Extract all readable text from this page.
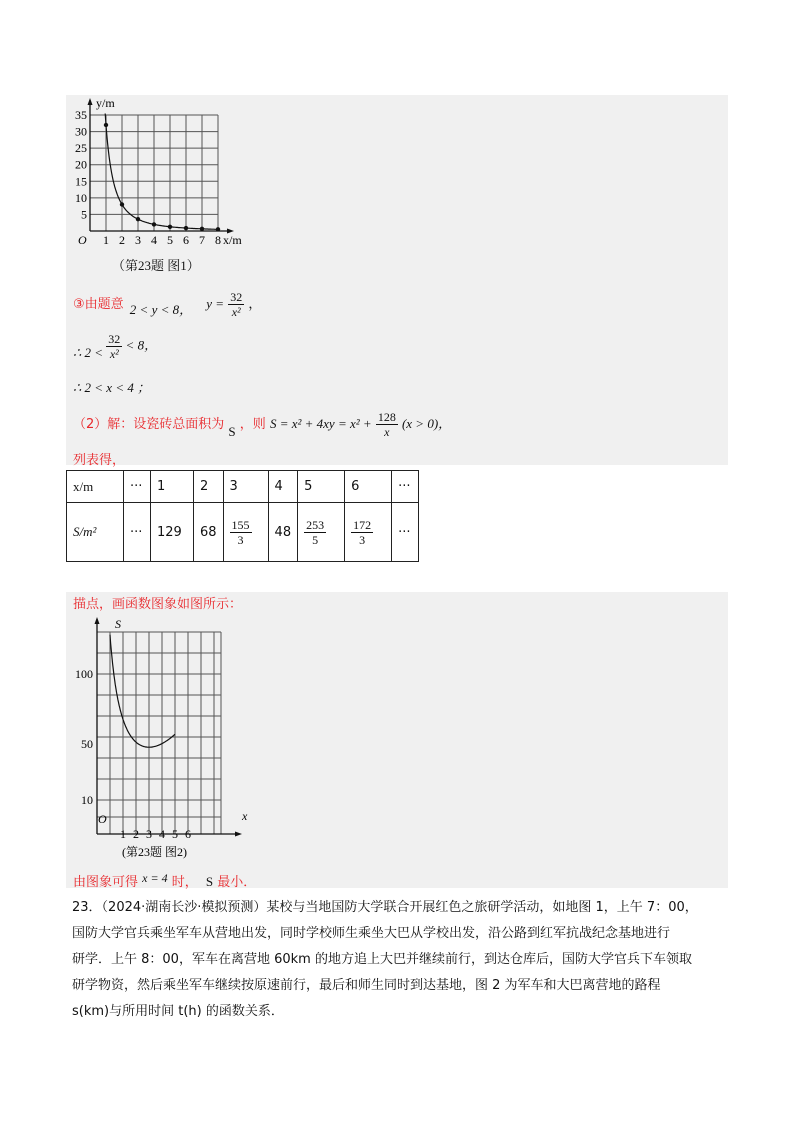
y/m
x/m
O
35
30
25
20
15
10
5
1 2 3 4 5 6 7 8
（第23题 图1）
③由题意 2 < y < 8， $y = \frac{32}{\text{x²}}$ ，
∴ $2 < \frac{32}{\text{x²}} < 8$，
∴ 2 < x < 4 ；
（2）解：设瓷砖总面积为 S ，则 $S = x^2 + 4xy = x^2 + \frac{128}{x} (x > 0)$，
列表得，
x/m	···	1	2	3	4	5	6	···
S/m²	···	129	68	$\frac{155}{3}$	48	$\frac{253}{5}$	$\frac{172}{3}$	···
描点，画函数图象如图所示：
S
x
O
100
50
10
1 2 3 4 5 6
(第23题 图2)
由图象可得 x = 4 时， S 最小．
23．（2024·湖南长沙·模拟预测）某校与当地国防大学联合开展红色之旅研学活动，如地图 1，上午 7：00，
国防大学官兵乘坐军车从营地出发，同时学校师生乘坐大巴从学校出发，沿公路到红军抗战纪念基地进行
研学．上午 8：00，军车在离营地 60km 的地方追上大巴并继续前行，到达仓库后，国防大学官兵下车领取
研学物资，然后乘坐军车继续按原速前行，最后和师生同时到达基地，图 2 为军车和大巴离营地的路程
s(km)与所用时间 t(h) 的函数关系．
